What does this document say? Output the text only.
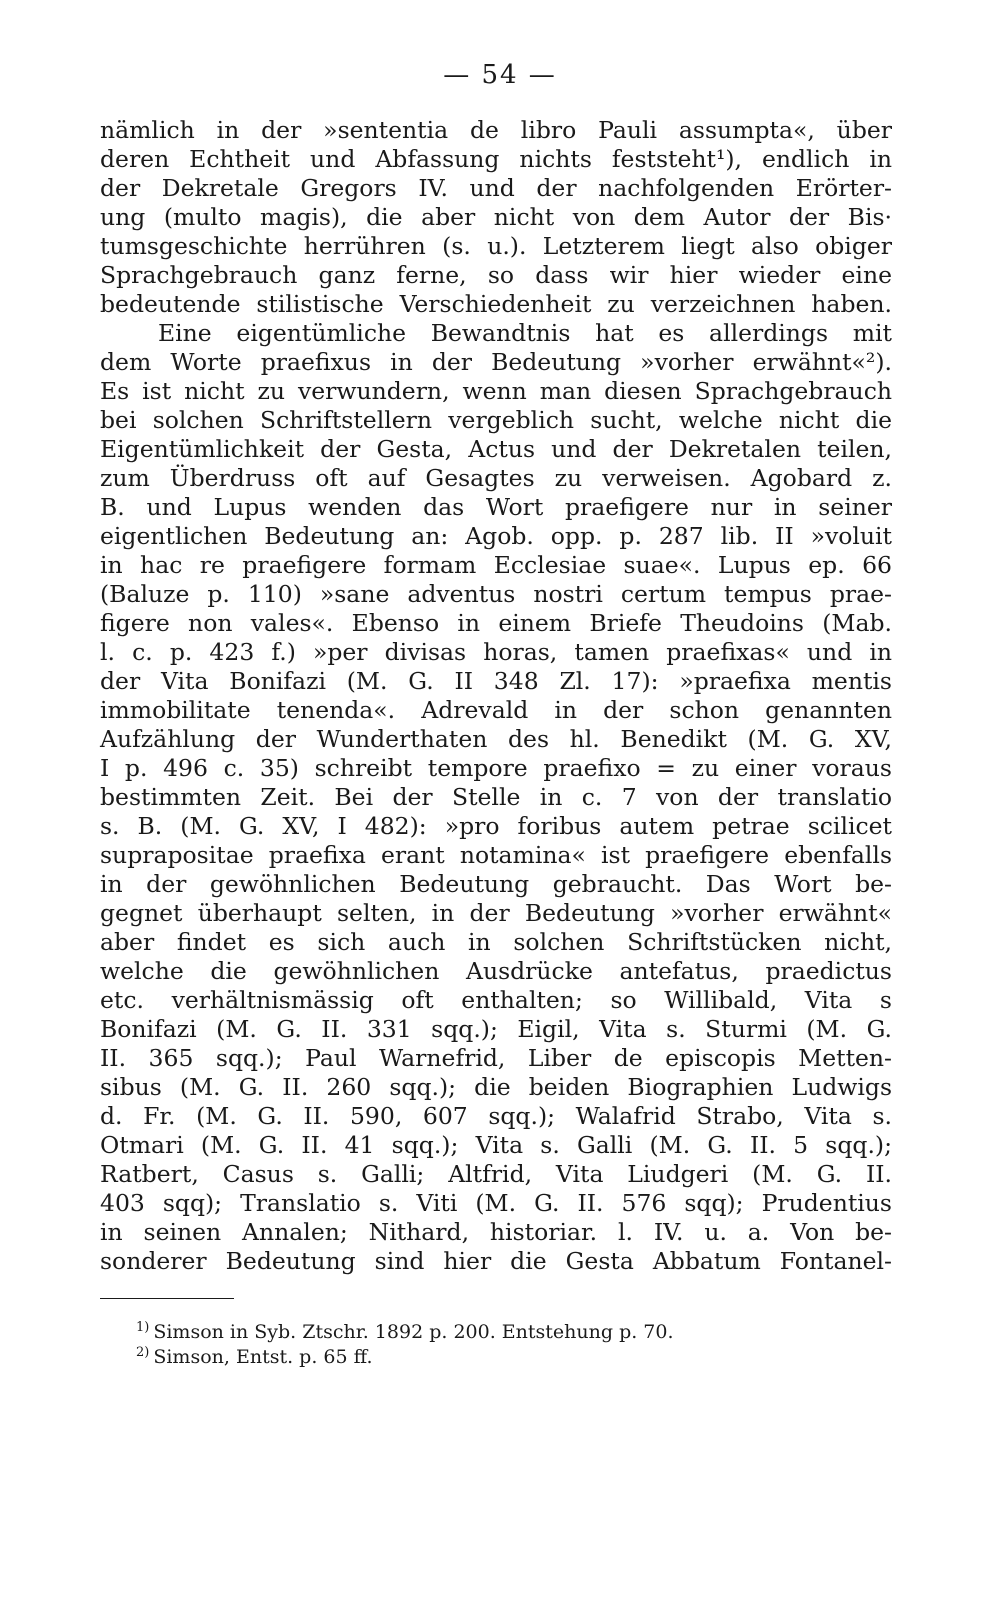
— 54 —
nämlich in der »sententia de libro Pauli assumpta«, über
deren Echtheit und Abfassung nichts feststeht¹), endlich in
der Dekretale Gregors IV. und der nachfolgenden Erörter-
ung (multo magis), die aber nicht von dem Autor der Bis·
tumsgeschichte herrühren (s. u.). Letzterem liegt also obiger
Sprachgebrauch ganz ferne, so dass wir hier wieder eine
bedeutende stilistische Verschiedenheit zu verzeichnen haben.
Eine eigentümliche Bewandtnis hat es allerdings mit
dem Worte praefixus in der Bedeutung »vorher erwähnt«²).
Es ist nicht zu verwundern, wenn man diesen Sprachgebrauch
bei solchen Schriftstellern vergeblich sucht, welche nicht die
Eigentümlichkeit der Gesta, Actus und der Dekretalen teilen,
zum Überdruss oft auf Gesagtes zu verweisen. Agobard z.
B. und Lupus wenden das Wort praefigere nur in seiner
eigentlichen Bedeutung an: Agob. opp. p. 287 lib. II »voluit
in hac re praefigere formam Ecclesiae suae«. Lupus ep. 66
(Baluze p. 110) »sane adventus nostri certum tempus prae-
figere non vales«. Ebenso in einem Briefe Theudoins (Mab.
l. c. p. 423 f.) »per divisas horas, tamen praefixas« und in
der Vita Bonifazi (M. G. II 348 Zl. 17): »praefixa mentis
immobilitate tenenda«. Adrevald in der schon genannten
Aufzählung der Wunderthaten des hl. Benedikt (M. G. XV,
I p. 496 c. 35) schreibt tempore praefixo = zu einer voraus
bestimmten Zeit. Bei der Stelle in c. 7 von der translatio
s. B. (M. G. XV, I 482): »pro foribus autem petrae scilicet
suprapositae praefixa erant notamina« ist praefigere ebenfalls
in der gewöhnlichen Bedeutung gebraucht. Das Wort be-
gegnet überhaupt selten, in der Bedeutung »vorher erwähnt«
aber findet es sich auch in solchen Schriftstücken nicht,
welche die gewöhnlichen Ausdrücke antefatus, praedictus
etc. verhältnismässig oft enthalten; so Willibald, Vita s
Bonifazi (M. G. II. 331 sqq.); Eigil, Vita s. Sturmi (M. G.
II. 365 sqq.); Paul Warnefrid, Liber de episcopis Metten-
sibus (M. G. II. 260 sqq.); die beiden Biographien Ludwigs
d. Fr. (M. G. II. 590, 607 sqq.); Walafrid Strabo, Vita s.
Otmari (M. G. II. 41 sqq.); Vita s. Galli (M. G. II. 5 sqq.);
Ratbert, Casus s. Galli; Altfrid, Vita Liudgeri (M. G. II.
403 sqq); Translatio s. Viti (M. G. II. 576 sqq); Prudentius
in seinen Annalen; Nithard, historiar. l. IV. u. a. Von be-
sonderer Bedeutung sind hier die Gesta Abbatum Fontanel-
$^{1)}$ Simson in Syb. Ztschr. 1892 p. 200. Entstehung p. 70.
$^{2)}$ Simson, Entst. p. 65 ff.
